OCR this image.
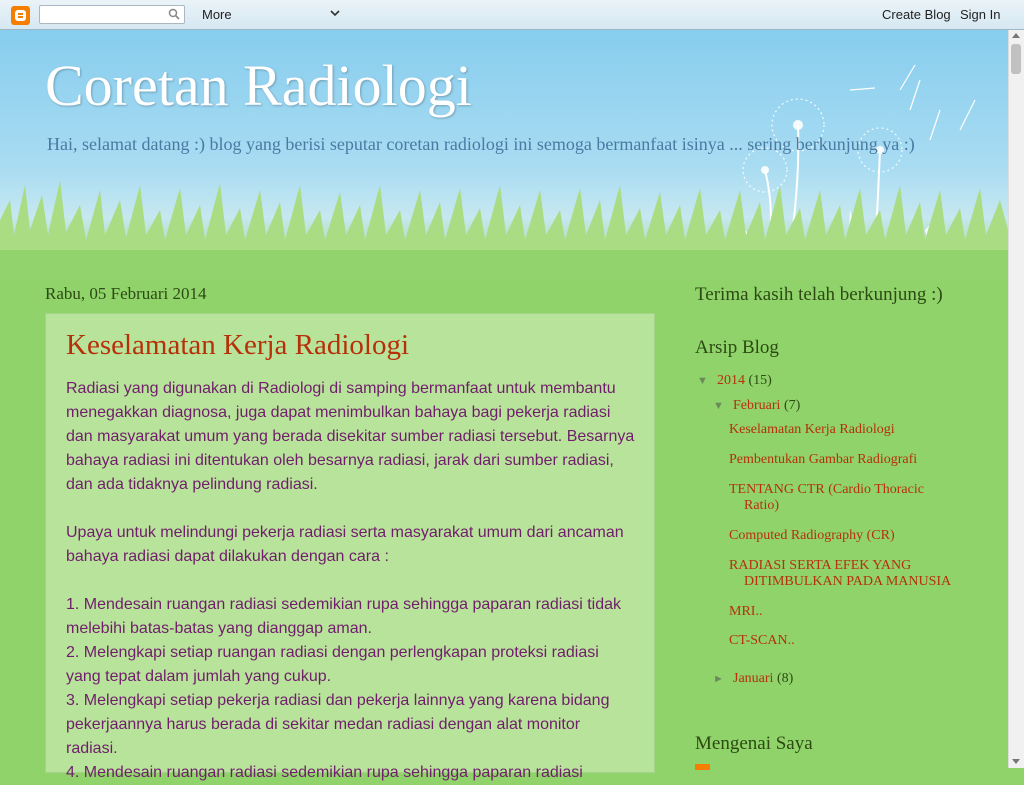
More	Create Blog Sign In
Coretan Radiologi
Hai, selamat datang :) blog yang berisi seputar coretan radiologi ini semoga bermanfaat isinya ... sering berkunjung ya :)
Rabu, 05 Februari 2014
Keselamatan Kerja Radiologi

Radiasi yang digunakan di Radiologi di samping bermanfaat untuk membantu menegakkan diagnosa, juga dapat menimbulkan bahaya bagi pekerja radiasi dan masyarakat umum yang berada disekitar sumber radiasi tersebut. Besarnya bahaya radiasi ini ditentukan oleh besarnya radiasi, jarak dari sumber radiasi, dan ada tidaknya pelindung radiasi.

Upaya untuk melindungi pekerja radiasi serta masyarakat umum dari ancaman bahaya radiasi dapat dilakukan dengan cara :

1. Mendesain ruangan radiasi sedemikian rupa sehingga paparan radiasi tidak melebihi batas-batas yang dianggap aman.

2. Melengkapi setiap ruangan radiasi dengan perlengkapan proteksi radiasi yang tepat dalam jumlah yang cukup.

3. Melengkapi setiap pekerja radiasi dan pekerja lainnya yang karena bidang pekerjaannya harus berada di sekitar medan radiasi dengan alat monitor radiasi.

4. Mendesain ruangan radiasi sedemikian rupa sehingga paparan radiasi

Terima kasih telah berkunjung :)
Arsip Blog
▼ 2014 (15)
▼ Februari (7)
Keselamatan Kerja Radiologi
Pembentukan Gambar Radiografi
TENTANG CTR (Cardio Thoracic
Ratio)
Computed Radiography (CR)
RADIASI SERTA EFEK YANG
DITIMBULKAN PADA MANUSIA
MRI..
CT-SCAN..
► Januari (8)
Mengenai Saya
